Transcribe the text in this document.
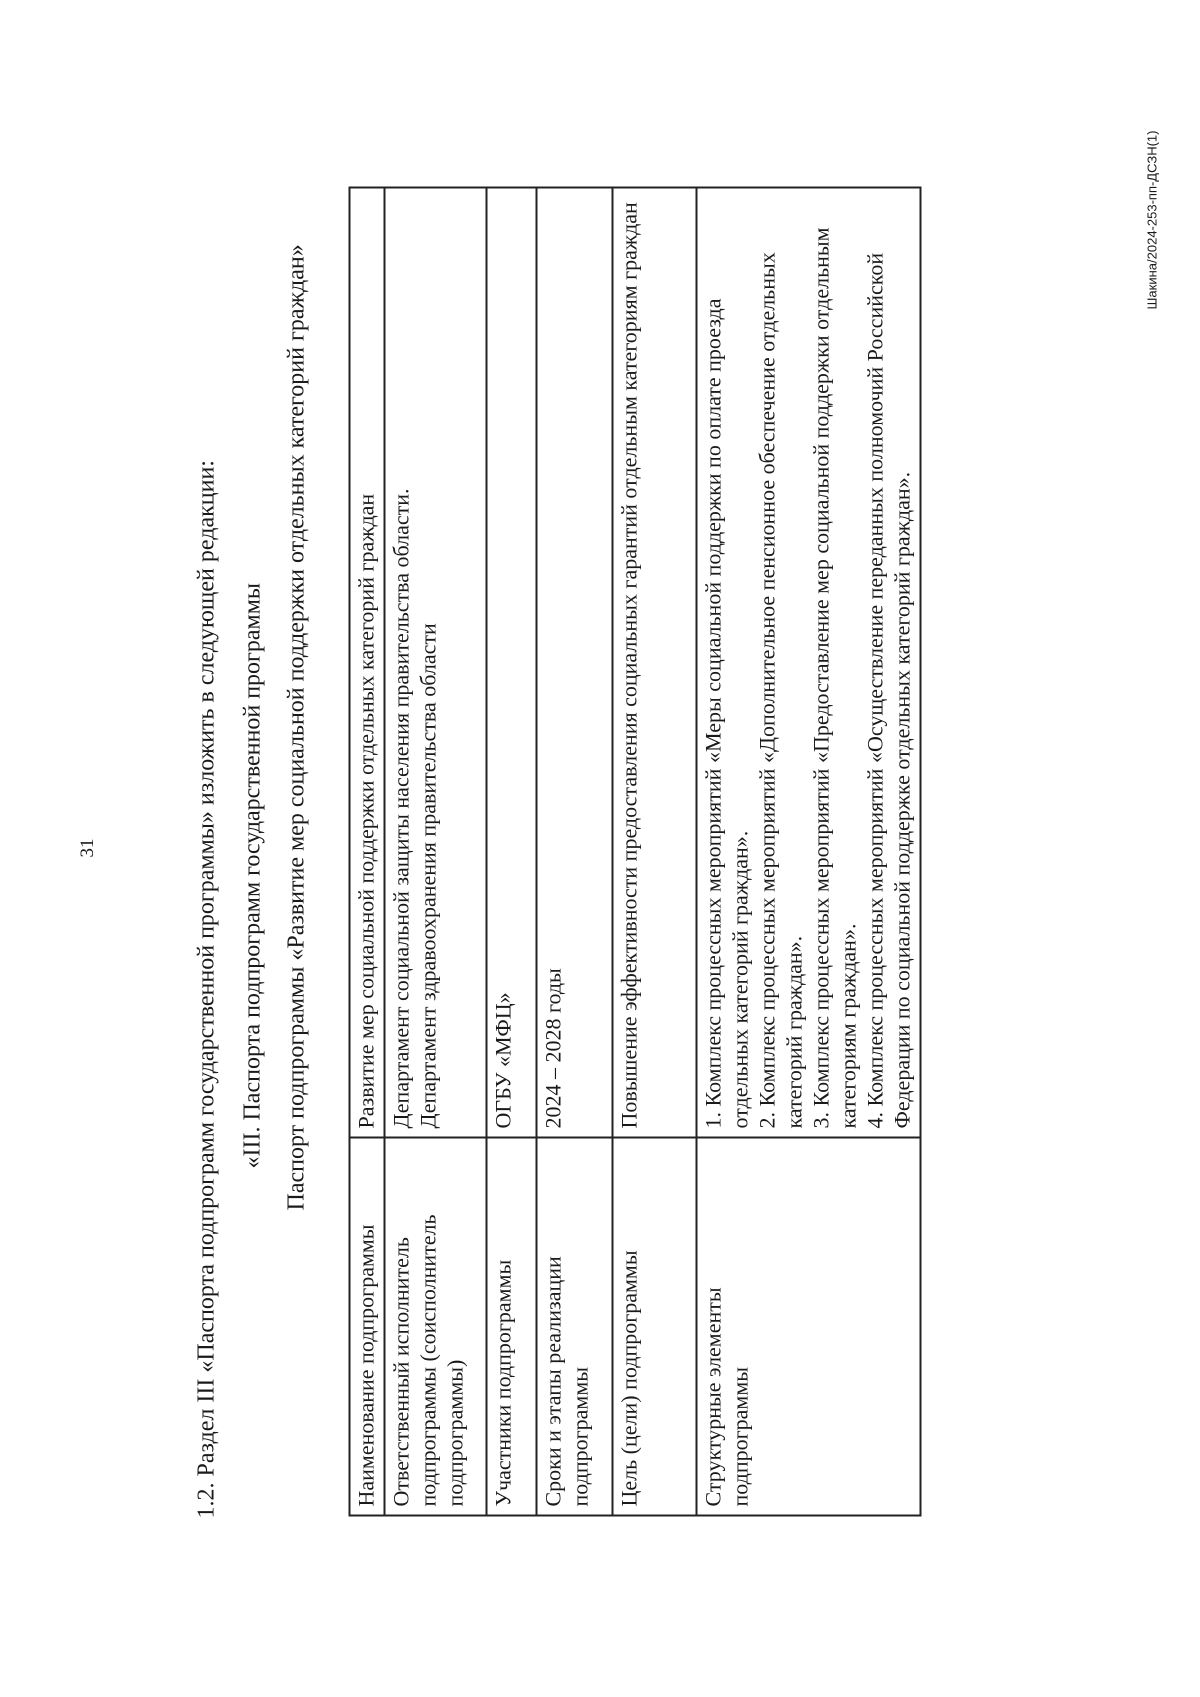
31	1.2. Раздел III «Паспорта подпрограмм государственной программы» изложить в следующей редакции: «III. Паспорта подпрограмм государственной программы Паспорт подпрограммы «Развитие мер социальной поддержки отдельных категорий граждан»
Наименование подпрограммы	Развитие мер социальной поддержки отдельных категорий граждан
Ответственный исполнитель подпрограммы (соисполнитель подпрограммы)	Департамент социальной защиты населения правительства области. Департамент здравоохранения правительства области

Участники подпрограммы	ОГБУ «МФЦ»
Сроки и этапы реализации подпрограммы	2024 – 2028 годы
Цель (цели) подпрограммы	Повышение эффективности предоставления социальных гарантий отдельным категориям граждан
Структурные элементы подпрограммы	1. Комплекс процессных мероприятий «Меры социальной поддержки по оплате проезда отдельных категорий граждан». 2. Комплекс процессных мероприятий «Дополнительное пенсионное обеспечение отдельных категорий граждан». 3. Комплекс процессных мероприятий «Предоставление мер социальной поддержки отдельным категориям граждан». 4. Комплекс процессных мероприятий «Осуществление переданных полномочий Российской Федерации по социальной поддержке отдельных категорий граждан».
Шакина/2024-253-пп-ДСЗН(1)
